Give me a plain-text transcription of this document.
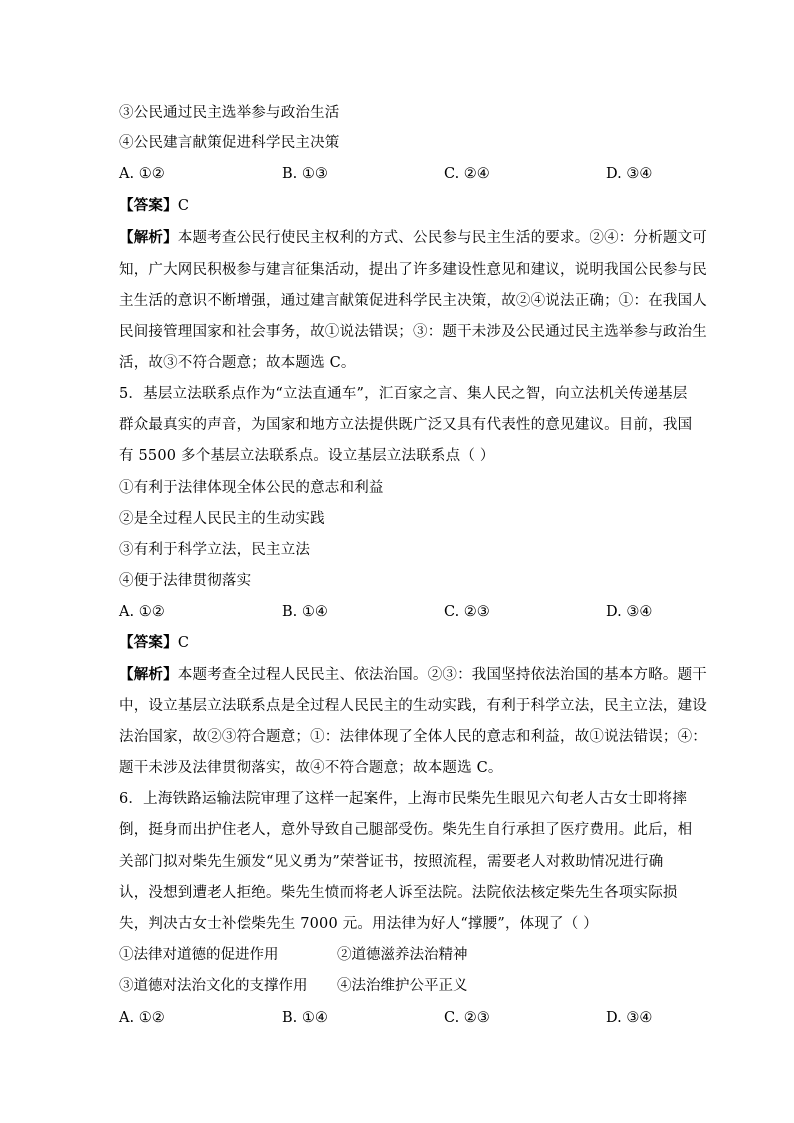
③公民通过民主选举参与政治生活
④公民建言献策促进科学民主决策
A. ①②	B. ①③	C. ②④	D. ③④
【答案】C
【解析】本题考查公民行使民主权利的方式、公民参与民主生活的要求。②④：分析题文可
知，广大网民积极参与建言征集活动，提出了许多建设性意见和建议，说明我国公民参与民
主生活的意识不断增强，通过建言献策促进科学民主决策，故②④说法正确；①：在我国人
民间接管理国家和社会事务，故①说法错误；③：题干未涉及公民通过民主选举参与政治生
活，故③不符合题意；故本题选 C。
5．基层立法联系点作为“立法直通车”，汇百家之言、集人民之智，向立法机关传递基层
群众最真实的声音，为国家和地方立法提供既广泛又具有代表性的意见建议。目前，我国
有 5500 多个基层立法联系点。设立基层立法联系点（ ）
①有利于法律体现全体公民的意志和利益
②是全过程人民民主的生动实践
③有利于科学立法，民主立法
④便于法律贯彻落实
A. ①②	B. ①④	C. ②③	D. ③④
【答案】C
【解析】本题考查全过程人民民主、依法治国。②③：我国坚持依法治国的基本方略。题干
中，设立基层立法联系点是全过程人民民主的生动实践，有利于科学立法，民主立法，建设
法治国家，故②③符合题意；①：法律体现了全体人民的意志和利益，故①说法错误；④：
题干未涉及法律贯彻落实，故④不符合题意；故本题选 C。
6．上海铁路运输法院审理了这样一起案件，上海市民柴先生眼见六旬老人古女士即将摔
倒，挺身而出护住老人，意外导致自己腿部受伤。柴先生自行承担了医疗费用。此后，相
关部门拟对柴先生颁发“见义勇为”荣誉证书，按照流程，需要老人对救助情况进行确
认，没想到遭老人拒绝。柴先生愤而将老人诉至法院。法院依法核定柴先生各项实际损
失，判决古女士补偿柴先生 7000 元。用法律为好人“撑腰”，体现了（ ）
①法律对道德的促进作用	②道德滋养法治精神
③道德对法治文化的支撑作用 ④法治维护公平正义
A. ①②	B. ①④	C. ②③	D. ③④
